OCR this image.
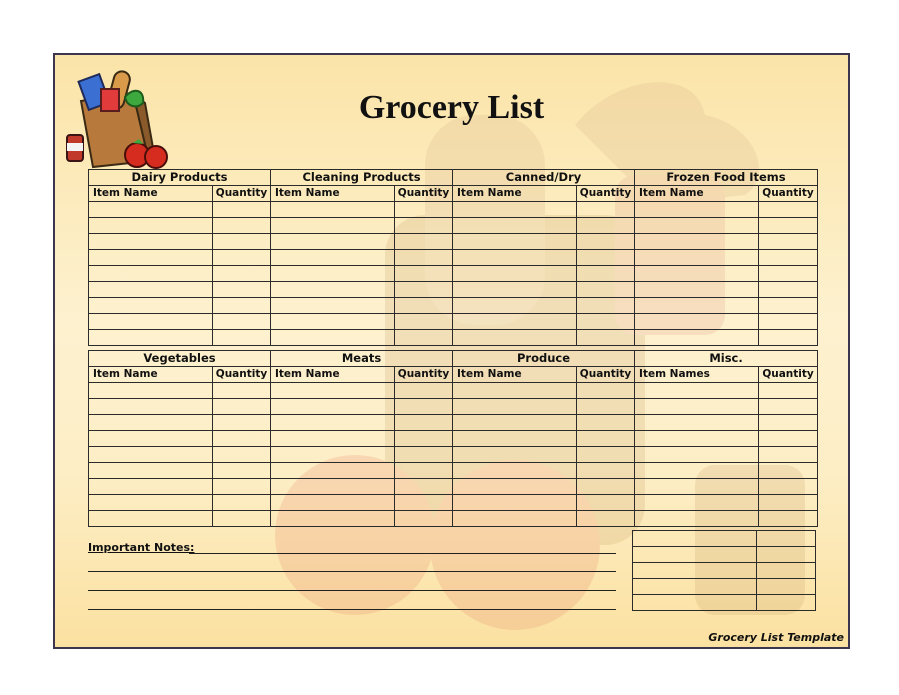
Grocery List
Dairy Products		Cleaning Products		Canned/Dry		Frozen Food Items	
Item Name	Quantity	Item Name	Quantity	Item Name	Quantity	Item Name	Quantity

Vegetables		Meats		Produce		Misc.	
Item Name	Quantity	Item Name	Quantity	Item Name	Quantity	Item Names	Quantity

Important Notes:

Grocery List Template
